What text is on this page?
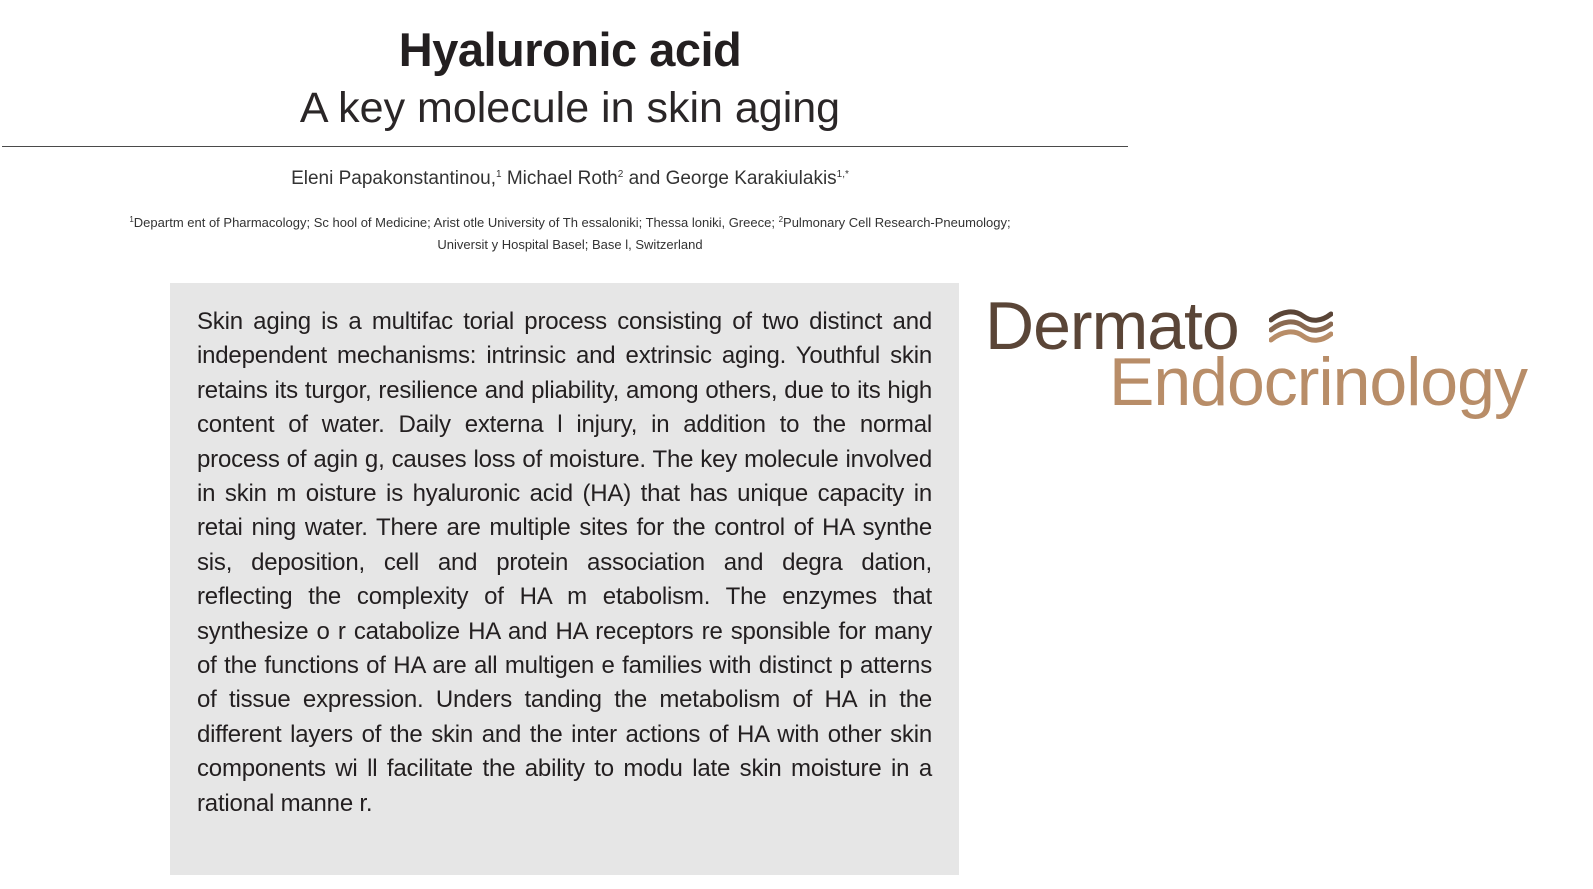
Hyaluronic acid
A key molecule in skin aging
Eleni Papakonstantinou,$^1$ Michael Roth$^2$ and George Karakiulakis$^{1,*}$
$^1$Departm ent of Pharmacology; Sc hool of Medicine; Arist otle University of Th essaloniki; Thessa loniki, Greece; $^2$Pulmonary Cell Research-Pneumology;
Universit y Hospital Basel; Base l, Switzerland

Skin aging is a multifac torial process consisting of two distinct and independent mechanisms: intrinsic and extrinsic aging. Youthful skin retains its turgor, resilience and pliability, among others, due to its high content of water. Daily externa l injury, in addition to the normal process of agin g, causes loss of moisture. The key molecule involved in skin m oisture is hyaluronic acid (HA) that has unique capacity in retai ning water. There are multiple sites for the control of HA synthe sis, deposition, cell and protein association and degra dation, reflecting the complexity of HA m etabolism. The enzymes that synthesize o r catabolize HA and HA receptors re sponsible for many of the functions of HA are all multigen e families with distinct p atterns of tissue expression. Unders tanding the metabolism of HA in the different layers of the skin and the inter actions of HA with other skin components wi ll facilitate the ability to modu late skin moisture in a rational manne r.

Dermato
Endocrinology
